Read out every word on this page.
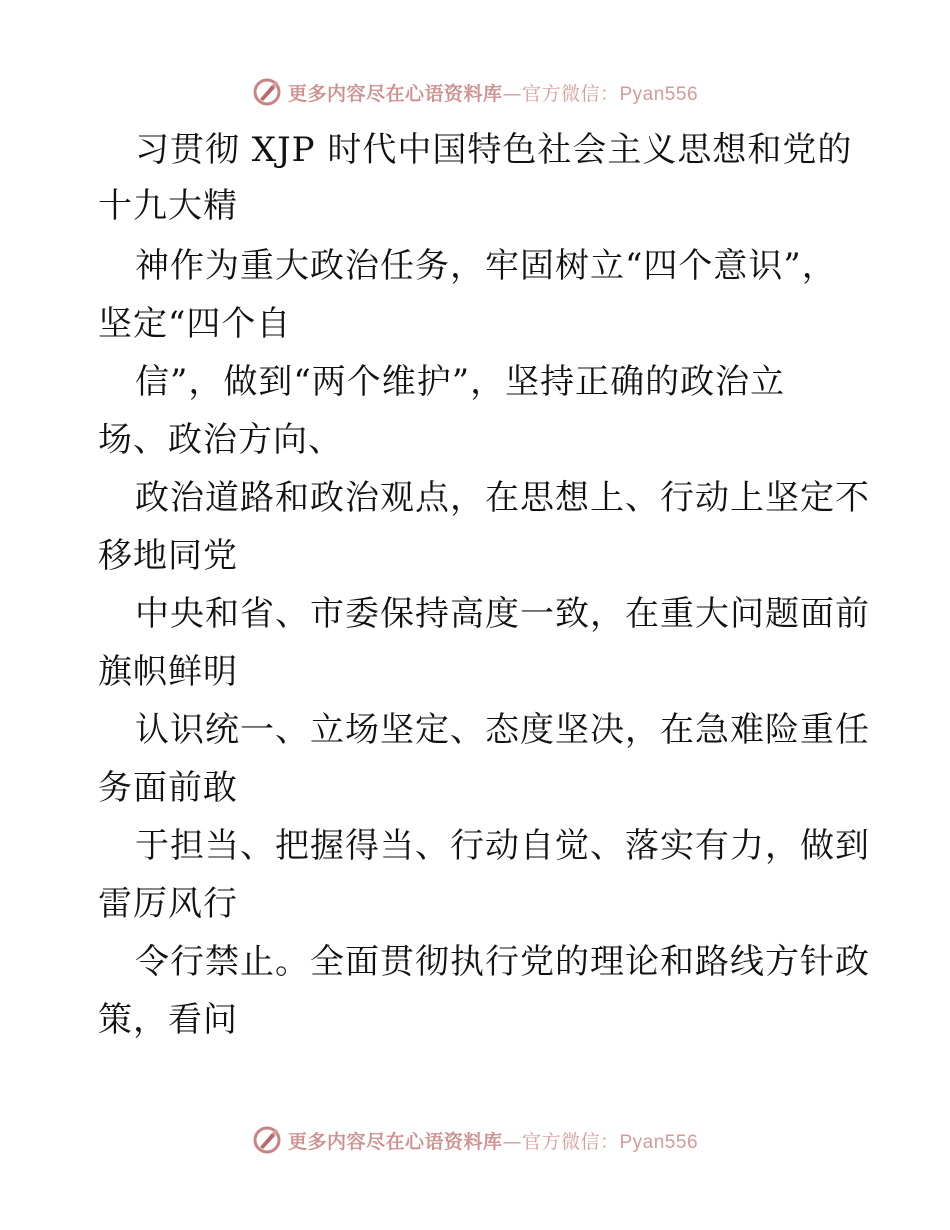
更多内容尽在心语资料库—官方微信：Pyan556
习贯彻 XJP 时代中国特色社会主义思想和党的
十九大精
神作为重大政治任务，牢固树立“四个意识”，
坚定“四个自
信”，做到“两个维护”，坚持正确的政治立
场、政治方向、
政治道路和政治观点，在思想上、行动上坚定不
移地同党
中央和省、市委保持高度一致，在重大问题面前
旗帜鲜明
认识统一、立场坚定、态度坚决，在急难险重任
务面前敢
于担当、把握得当、行动自觉、落实有力，做到
雷厉风行
令行禁止。全面贯彻执行党的理论和路线方针政
策，看问
更多内容尽在心语资料库—官方微信：Pyan556
